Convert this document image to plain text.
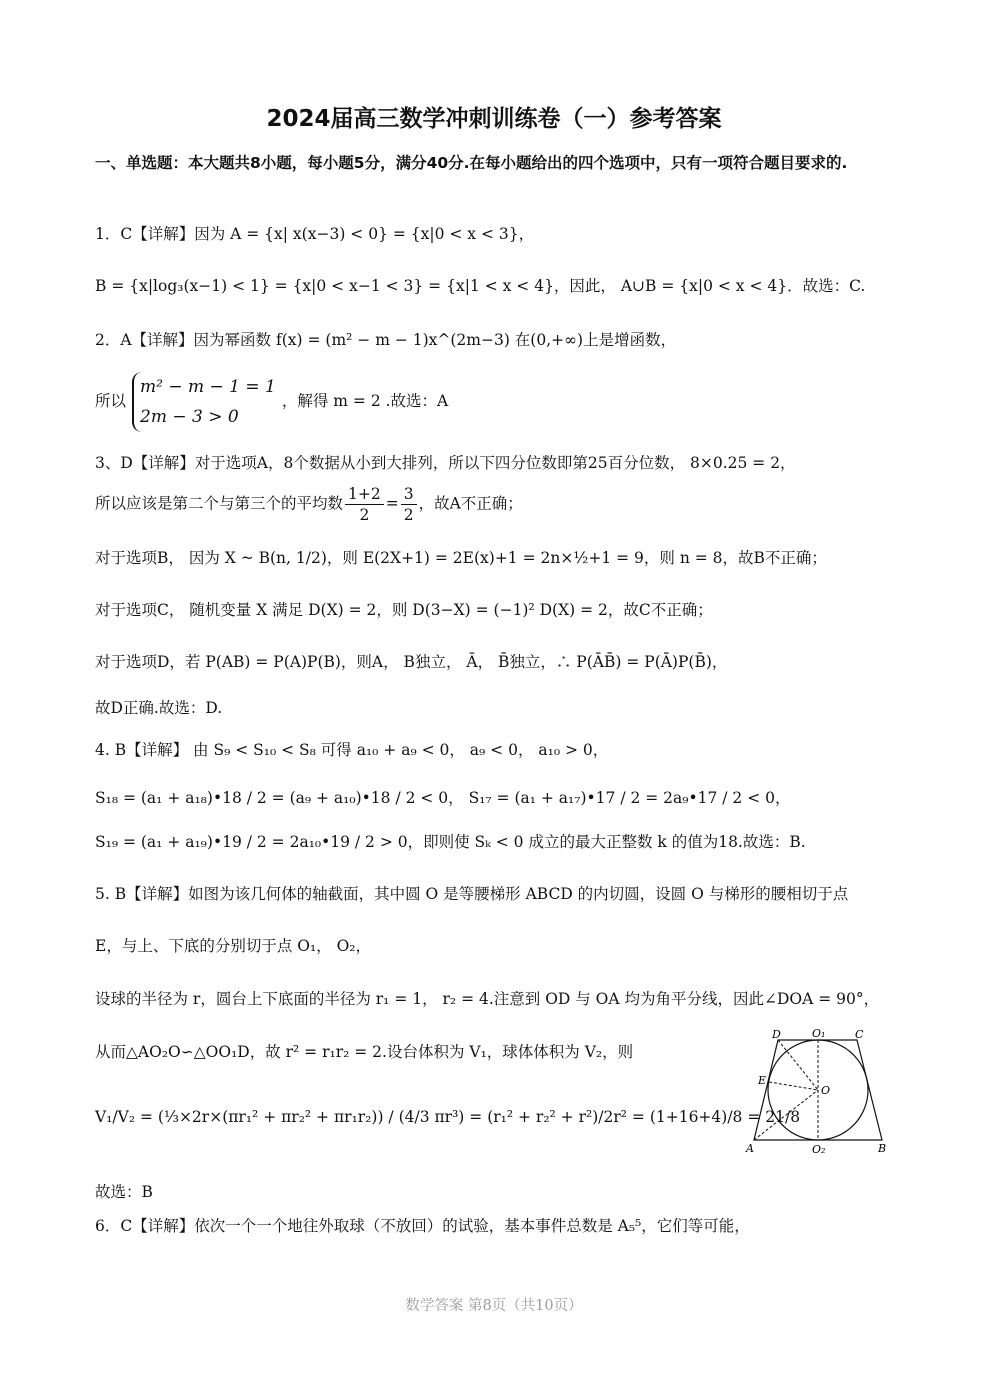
2024届高三数学冲刺训练卷（一）参考答案
一、单选题：本大题共8小题，每小题5分，满分40分.在每小题给出的四个选项中，只有一项符合题目要求的.
1．C【详解】因为 A = {x| x(x−3) < 0} = {x|0 < x < 3}，
B = {x|log₃(x−1) < 1} = {x|0 < x−1 < 3} = {x|1 < x < 4}，因此， A∪B = {x|0 < x < 4}．故选：C.
2．A【详解】因为幂函数 f(x) = (m² − m − 1)x^(2m−3) 在(0,+∞)上是增函数，
所以m² − m − 1 = 1
2m − 3 > 0，解得 m = 2 .故选：A
3、D【详解】对于选项A，8个数据从小到大排列，所以下四分位数即第25百分位数， 8×0.25 = 2，
所以应该是第二个与第三个的平均数 $\frac{1+2}{2} = \frac{3}{2}$ ，故A不正确；
对于选项B， 因为 X ~ B(n, 1/2)，则 E(2X+1) = 2E(x)+1 = 2n×½+1 = 9，则 n = 8，故B不正确；
对于选项C， 随机变量 X 满足 D(X) = 2，则 D(3−X) = (−1)² D(X) = 2，故C不正确；
对于选项D，若 P(AB) = P(A)P(B)，则A， B独立， Ā， B̄独立，∴ P(ĀB̄) = P(Ā)P(B̄)，
故D正确.故选：D.
4. B【详解】 由 S₉ < S₁₀ < S₈ 可得 a₁₀ + a₉ < 0， a₉ < 0， a₁₀ > 0，
S₁₈ = (a₁ + a₁₈)•18 / 2 = (a₉ + a₁₀)•18 / 2 < 0， S₁₇ = (a₁ + a₁₇)•17 / 2 = 2a₉•17 / 2 < 0，
S₁₉ = (a₁ + a₁₉)•19 / 2 = 2a₁₀•19 / 2 > 0，即则使 Sₖ < 0 成立的最大正整数 k 的值为18.故选：B.
5. B【详解】如图为该几何体的轴截面，其中圆 O 是等腰梯形 ABCD 的内切圆，设圆 O 与梯形的腰相切于点
E，与上、下底的分别切于点 O₁， O₂，
设球的半径为 r，圆台上下底面的半径为 r₁ = 1， r₂ = 4.注意到 OD 与 OA 均为角平分线，因此∠DOA = 90°，
从而△AO₂O∽△OO₁D，故 r² = r₁r₂ = 2.设台体积为 V₁，球体体积为 V₂，则
V₁/V₂ = (⅓×2r×(πr₁² + πr₂² + πr₁r₂)) / (4/3 πr³) = (r₁² + r₂² + r²)/2r² = (1+16+4)/8 = 21/8
故选：B
6．C【详解】依次一个一个地往外取球（不放回）的试验，基本事件总数是 A₅⁵，它们等可能，
D	O₁	C
E
O
A	O₂	B
数学答案 第8页（共10页）
